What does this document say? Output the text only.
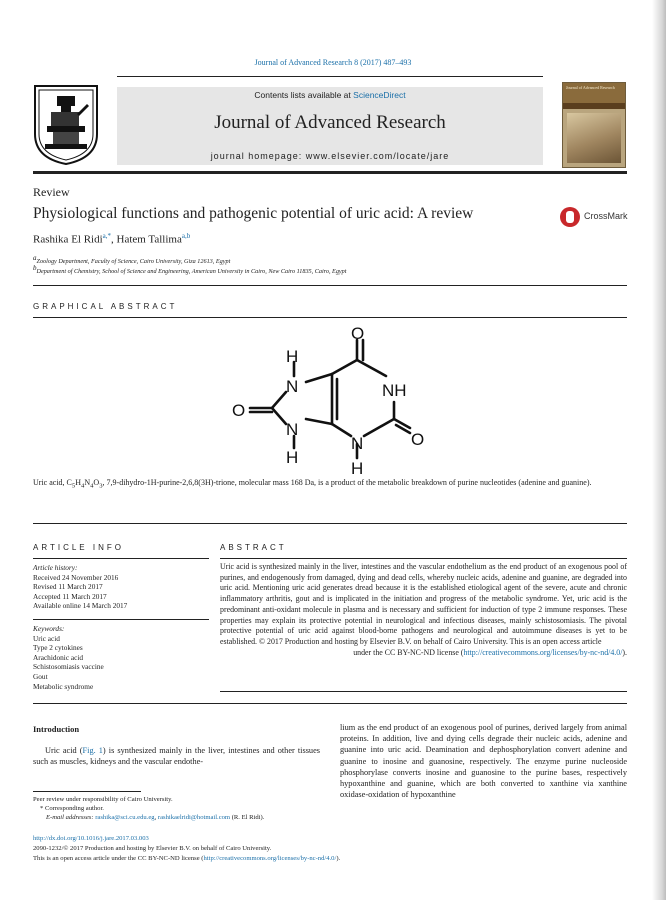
Journal of Advanced Research 8 (2017) 487–493
Contents lists available at ScienceDirect
Journal of Advanced Research
journal homepage: www.elsevier.com/locate/jare
Journal of Advanced Research
Review
Physiological functions and pathogenic potential of uric acid: A review	CrossMark
Rashika El Ridi$^{a,*}$, Hatem Tallima$^{a,b}$
$^a$Zoology Department, Faculty of Science, Cairo University, Giza 12613, Egypt
$^b$Department of Chemistry, School of Science and Engineering, American University in Cairo, New Cairo 11835, Cairo, Egypt
GRAPHICAL ABSTRACT
O
NH
O
N
H
H
N
N
H
O
Uric acid, $C_5H_4N_4O_3$, 7,9-dihydro-1H-purine-2,6,8(3H)-trione, molecular mass 168 Da, is a product of the metabolic breakdown of purine nucleotides (adenine and guanine).
ARTICLE INFO
Article history:
Received 24 November 2016
Revised 11 March 2017
Accepted 11 March 2017
Available online 14 March 2017
Keywords:
Uric acid
Type 2 cytokines
Arachidonic acid
Schistosomiasis vaccine
Gout
Metabolic syndrome
ABSTRACT
Uric acid is synthesized mainly in the liver, intestines and the vascular endothelium as the end product of an exogenous pool of purines, and endogenously from damaged, dying and dead cells, whereby nucleic acids, adenine and guanine, are degraded into uric acid. Mentioning uric acid generates dread because it is the established etiological agent of the severe, acute and chronic inflammatory arthritis, gout and is implicated in the initiation and progress of the metabolic syndrome. Yet, uric acid is the predominant anti-oxidant molecule in plasma and is necessary and sufficient for induction of type 2 immune responses. These properties may explain its protective potential in neurological and infectious diseases, mainly schistosomiasis. The pivotal protective potential of uric acid against blood-borne pathogens and neurological and autoimmune diseases is yet to be established. © 2017 Production and hosting by Elsevier B.V. on behalf of Cairo University. This is an open access article
under the CC BY-NC-ND license (http://creativecommons.org/licenses/by-nc-nd/4.0/).
Introduction
Uric acid (Fig. 1) is synthesized mainly in the liver, intestines and other tissues such as muscles, kidneys and the vascular endothe-
lium as the end product of an exogenous pool of purines, derived largely from animal proteins. In addition, live and dying cells degrade their nucleic acids, adenine and guanine into uric acid. Deamination and dephosphorylation convert adenine and guanine to inosine and guanosine, respectively. The enzyme purine nucleoside phosphorylase converts inosine and guanosine to the purine bases, respectively hypoxanthine and guanine, which are both converted to xanthine via xanthine oxidase-oxidation of hypoxanthine
Peer review under responsibility of Cairo University.
* Corresponding author.
E-mail addresses: rashika@sci.cu.edu.eg, rashikaelridi@hotmail.com (R. El Ridi).
http://dx.doi.org/10.1016/j.jare.2017.03.003
2090-1232/© 2017 Production and hosting by Elsevier B.V. on behalf of Cairo University.
This is an open access article under the CC BY-NC-ND license (http://creativecommons.org/licenses/by-nc-nd/4.0/).
